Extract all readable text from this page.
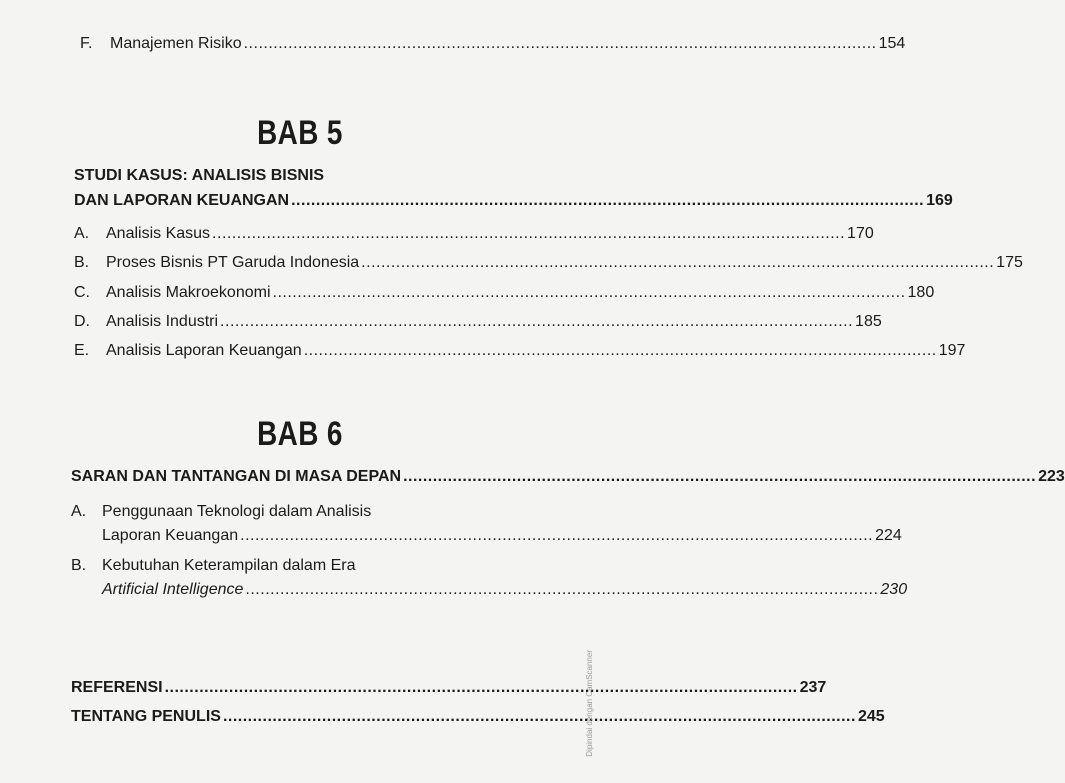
F.	Manajemen Risiko ................................................................................................................................ 154
BAB 5
STUDI KASUS: ANALISIS BISNIS
DAN LAPORAN KEUANGAN ................................................................................................................................ 169
A.	Analisis Kasus ................................................................................................................................ 170
B.	Proses Bisnis PT Garuda Indonesia ................................................................................................................................ 175
C.	Analisis Makroekonomi ................................................................................................................................ 180
D.	Analisis Industri ................................................................................................................................ 185
E.	Analisis Laporan Keuangan ................................................................................................................................ 197
BAB 6
SARAN DAN TANTANGAN DI MASA DEPAN ................................................................................................................................ 223
A. Penggunaan Teknologi dalam Analisis
Laporan Keuangan ................................................................................................................................ 224
B. Kebutuhan Keterampilan dalam Era
Artificial Intelligence ................................................................................................................................ 230
REFERENSI ................................................................................................................................ 237
TENTANG PENULIS ................................................................................................................................ 245
Dipindai dengan CamScanner
